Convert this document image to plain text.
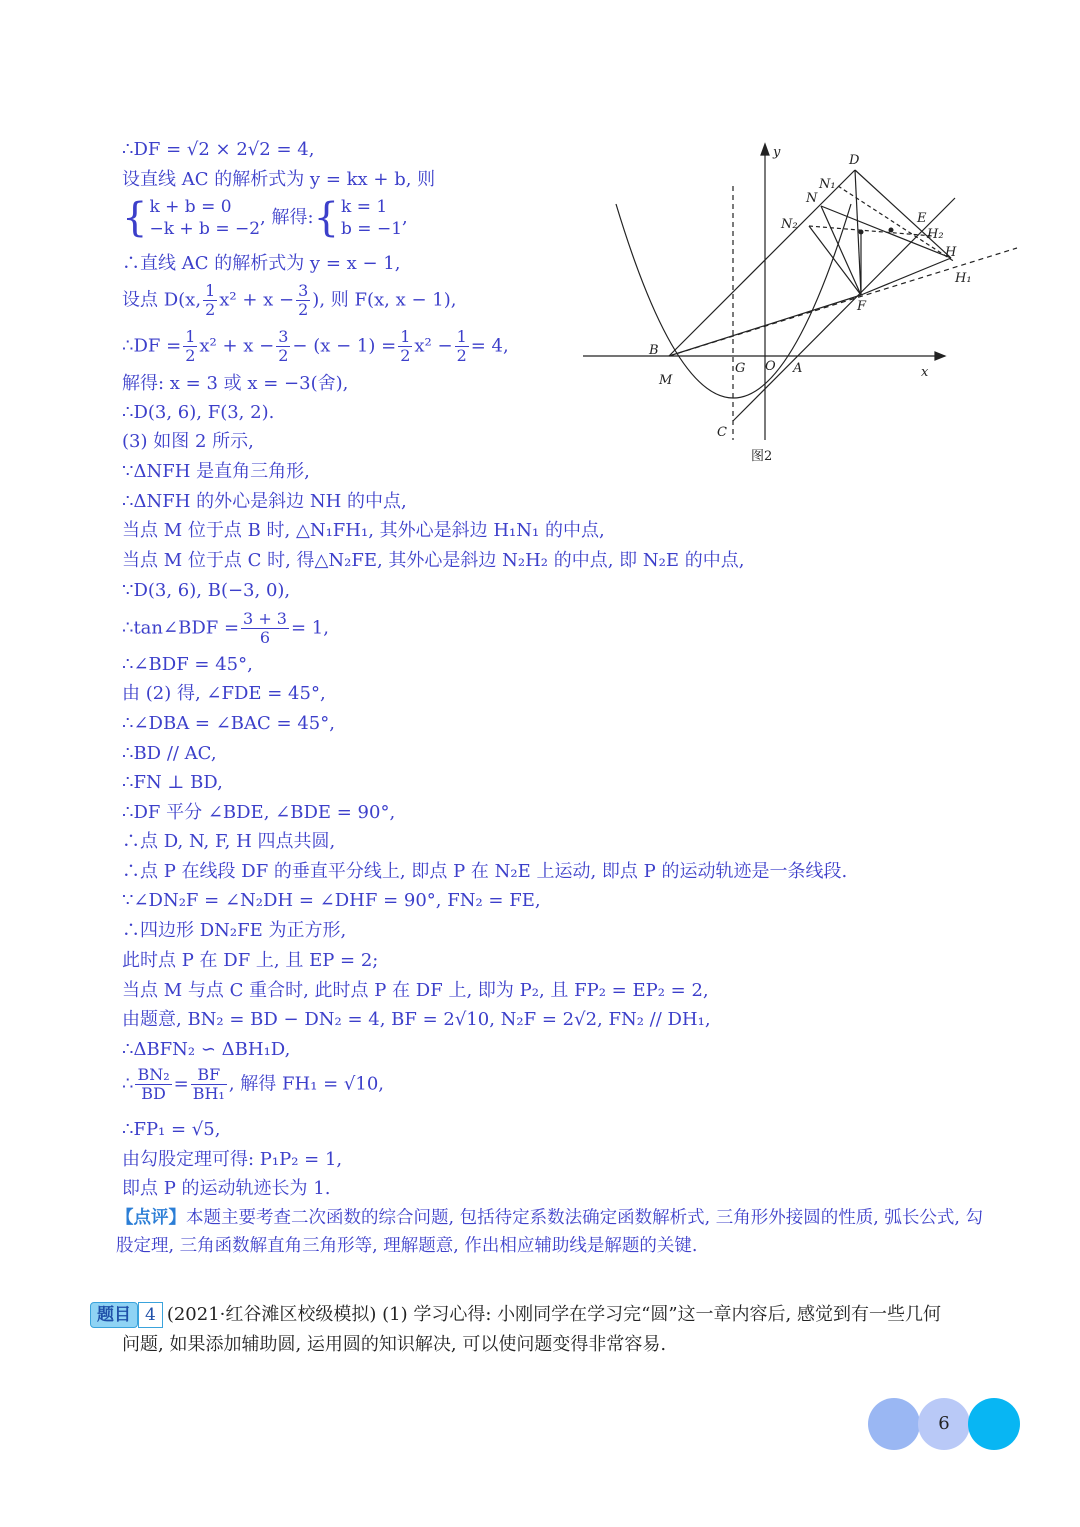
∴DF = √2 × 2√2 = 4,
设直线 AC 的解析式为 y = kx + b, 则
{ k + b = 0
−k + b = −2
, 解得:{ k = 1
b = −1
,
∴直线 AC 的解析式为 y = x − 1,
设点 D(x, $\frac{1}{2} x^2 + x - \frac{3}{2}$ ), 则 F(x, x − 1),
∴DF = $\frac{1}{2} x^2 + x - \frac{3}{2} - (x - 1) = \frac{1}{2} x^2 - \frac{1}{2} = 4$,
解得: x = 3 或 x = −3(舍),
∴D(3, 6), F(3, 2).
(3) 如图 2 所示,
∵ΔNFH 是直角三角形,
∴ΔNFH 的外心是斜边 NH 的中点,
当点 M 位于点 B 时, △N₁FH₁, 其外心是斜边 H₁N₁ 的中点,
当点 M 位于点 C 时, 得△N₂FE, 其外心是斜边 N₂H₂ 的中点, 即 N₂E 的中点,
∵D(3, 6), B(−3, 0),
∴tan∠BDF = $\frac{3 + 3}{6} = 1$,
∴∠BDF = 45°,
由 (2) 得, ∠FDE = 45°,
∴∠DBA = ∠BAC = 45°,
∴BD // AC,
∴FN ⊥ BD,
∴DF 平分 ∠BDE, ∠BDE = 90°,
∴点 D, N, F, H 四点共圆,
∴点 P 在线段 DF 的垂直平分线上, 即点 P 在 N₂E 上运动, 即点 P 的运动轨迹是一条线段.
∵∠DN₂F = ∠N₂DH = ∠DHF = 90°, FN₂ = FE,
∴四边形 DN₂FE 为正方形,
此时点 P 在 DF 上, 且 EP = 2;
当点 M 与点 C 重合时, 此时点 P 在 DF 上, 即为 P₂, 且 FP₂ = EP₂ = 2,
由题意, BN₂ = BD − DN₂ = 4, BF = 2√10, N₂F = 2√2, FN₂ // DH₁,
∴ΔBFN₂ ∽ ΔBH₁D,
∴ $\frac{\text{BN₂}}{BD} = \frac{BF}{\text{BH₁}}$ , 解得 FH₁ = √10,
∴FP₁ = √5,
由勾股定理可得: P₁P₂ = 1,
即点 P 的运动轨迹长为 1.
【点评】本题主要考查二次函数的综合问题, 包括待定系数法确定函数解析式, 三角形外接圆的性质, 弧长公式, 勾股定理, 三角函数解直角三角形等, 理解题意, 作出相应辅助线是解题的关键.
题目 4 (2021·红谷滩区校级模拟) (1) 学习心得: 小刚同学在学习完“圆”这一章内容后, 感觉到有一些几何
问题, 如果添加辅助圆, 运用圆的知识解决, 可以使问题变得非常容易.
y
x
D
N₁
N
N₂	E
H₂
H
H₁
F
B
M
G O A
C
图2
6
